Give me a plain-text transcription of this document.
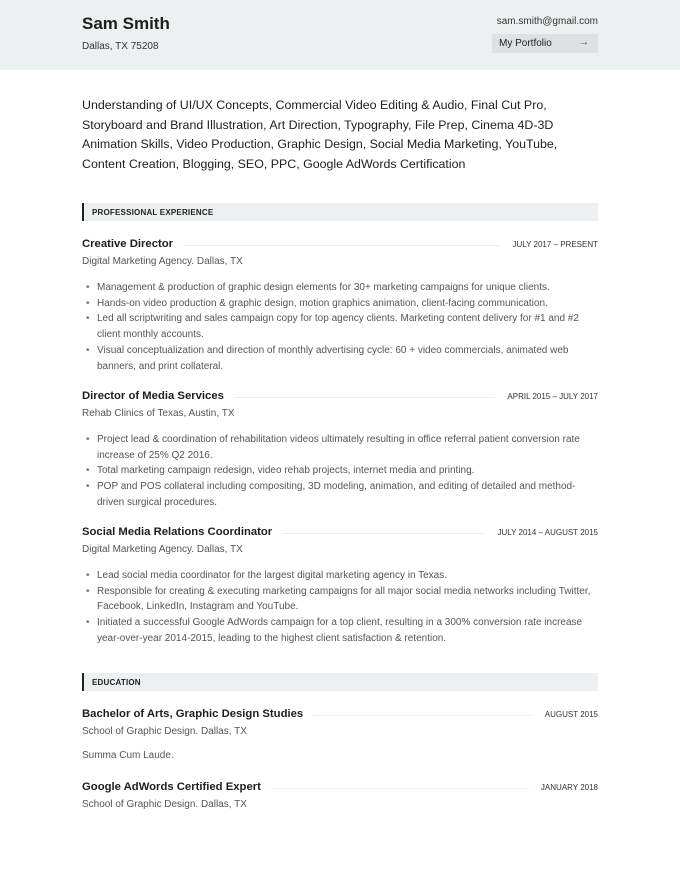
Sam Smith
Dallas, TX 75208
sam.smith@gmail.com
My Portfolio	→
Understanding of UI/UX Concepts, Commercial Video Editing & Audio, Final Cut Pro, Storyboard and Brand Illustration, Art Direction, Typography, File Prep, Cinema 4D-3D Animation Skills, Video Production, Graphic Design, Social Media Marketing, YouTube, Content Creation, Blogging, SEO, PPC, Google AdWords Certification
PROFESSIONAL EXPERIENCE
Creative Director	JULY 2017 – PRESENT
Digital Marketing Agency. Dallas, TX
• Management & production of graphic design elements for 30+ marketing campaigns for unique clients.
• Hands-on video production & graphic design, motion graphics animation, client-facing communication.
• Led all scriptwriting and sales campaign copy for top agency clients. Marketing content delivery for #1 and #2 client monthly accounts.
• Visual conceptualization and direction of monthly advertising cycle: 60 + video commercials, animated web banners, and print collateral.
Director of Media Services	APRIL 2015 – JULY 2017
Rehab Clinics of Texas, Austin, TX
• Project lead & coordination of rehabilitation videos ultimately resulting in office referral patient conversion rate increase of 25% Q2 2016.
• Total marketing campaign redesign, video rehab projects, internet media and printing.
• POP and POS collateral including compositing, 3D modeling, animation, and editing of detailed and method-driven surgical procedures.
Social Media Relations Coordinator	JULY 2014 – AUGUST 2015
Digital Marketing Agency. Dallas, TX
• Lead social media coordinator for the largest digital marketing agency in Texas.
• Responsible for creating & executing marketing campaigns for all major social media networks including Twitter, Facebook, LinkedIn, Instagram and YouTube.
• Initiated a successful Google AdWords campaign for a top client, resulting in a 300% conversion rate increase year-over-year 2014-2015, leading to the highest client satisfaction & retention.
EDUCATION
Bachelor of Arts, Graphic Design Studies	AUGUST 2015
School of Graphic Design. Dallas, TX
Summa Cum Laude.
Google AdWords Certified Expert	JANUARY 2018
School of Graphic Design. Dallas, TX
